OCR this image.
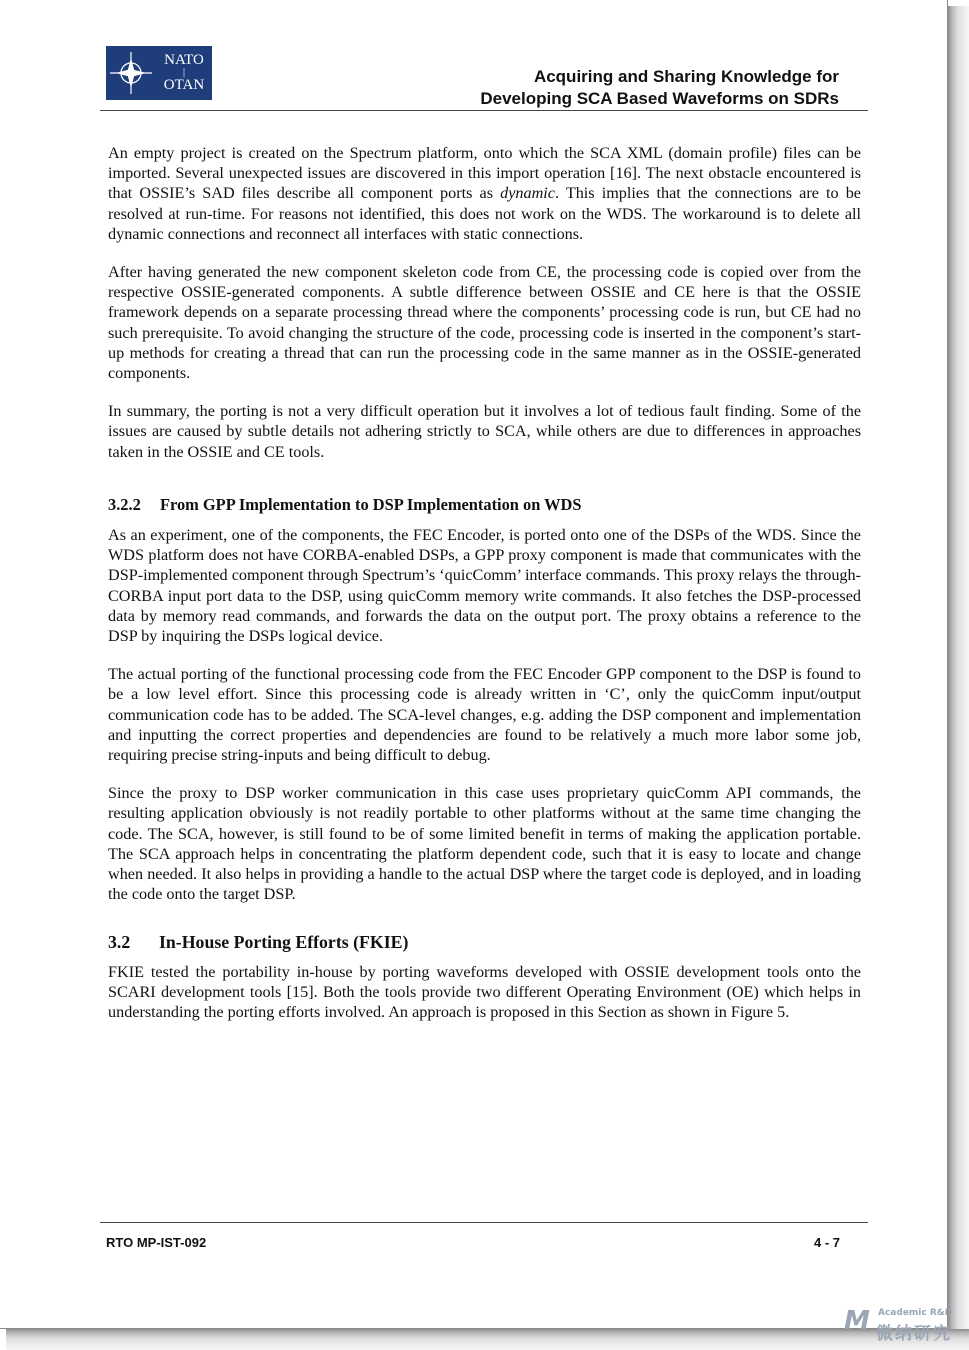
NATO
|
OTAN	Acquiring and Sharing Knowledge for
Developing SCA Based Waveforms on SDRs

An empty project is created on the Spectrum platform, onto which the SCA XML (domain profile) files can be imported. Several unexpected issues are discovered in this import operation [16]. The next obstacle encountered is that OSSIE’s SAD files describe all component ports as dynamic. This implies that the connections are to be resolved at run-time. For reasons not identified, this does not work on the WDS. The workaround is to delete all dynamic connections and reconnect all interfaces with static connections.

After having generated the new component skeleton code from CE, the processing code is copied over from the respective OSSIE-generated components. A subtle difference between OSSIE and CE here is that the OSSIE framework depends on a separate processing thread where the components’ processing code is run, but CE had no such prerequisite. To avoid changing the structure of the code, processing code is inserted in the component’s start-up methods for creating a thread that can run the processing code in the same manner as in the OSSIE-generated components.

In summary, the porting is not a very difficult operation but it involves a lot of tedious fault finding. Some of the issues are caused by subtle details not adhering strictly to SCA, while others are due to differences in approaches taken in the OSSIE and CE tools.

3.2.2 From GPP Implementation to DSP Implementation on WDS

As an experiment, one of the components, the FEC Encoder, is ported onto one of the DSPs of the WDS. Since the WDS platform does not have CORBA-enabled DSPs, a GPP proxy component is made that communicates with the DSP-implemented component through Spectrum’s ‘quicComm’ interface commands. This proxy relays the through-CORBA input port data to the DSP, using quicComm memory write commands. It also fetches the DSP-processed data by memory read commands, and forwards the data on the output port. The proxy obtains a reference to the DSP by inquiring the DSPs logical device.

The actual porting of the functional processing code from the FEC Encoder GPP component to the DSP is found to be a low level effort. Since this processing code is already written in ‘C’, only the quicComm input/output communication code has to be added. The SCA-level changes, e.g. adding the DSP component and implementation and inputting the correct properties and dependencies are found to be relatively a much more labor some job, requiring precise string-inputs and being difficult to debug.

Since the proxy to DSP worker communication in this case uses proprietary quicComm API commands, the resulting application obviously is not readily portable to other platforms without at the same time changing the code. The SCA, however, is still found to be of some limited benefit in terms of making the application portable. The SCA approach helps in concentrating the platform dependent code, such that it is easy to locate and change when needed. It also helps in providing a handle to the actual DSP where the target code is deployed, and in loading the code onto the target DSP.

3.2 In-House Porting Efforts (FKIE)

FKIE tested the portability in-house by porting waveforms developed with OSSIE development tools onto the SCARI development tools [15]. Both the tools provide two different Operating Environment (OE) which helps in understanding the porting efforts involved. An approach is proposed in this Section as shown in Figure 5.

RTO MP-IST-092	4 - 7
M Academic R&D
微纳研究
